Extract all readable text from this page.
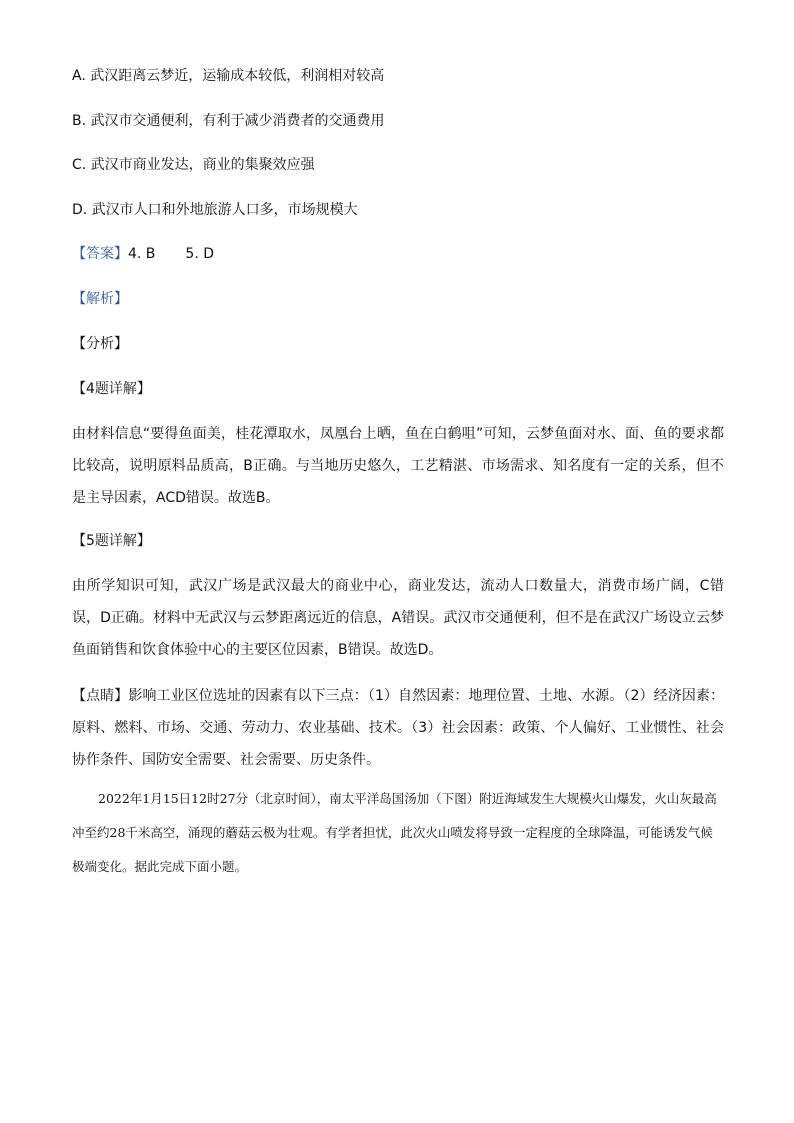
A. 武汉距离云梦近，运输成本较低，利润相对较高
B. 武汉市交通便利，有利于减少消费者的交通费用
C. 武汉市商业发达，商业的集聚效应强
D. 武汉市人口和外地旅游人口多，市场规模大
【答案】4. B 5. D
【解析】
【分析】
【4题详解】
由材料信息“要得鱼面美，桂花潭取水，凤凰台上晒，鱼在白鹤咀”可知，云梦鱼面对水、面、鱼的要求都比较高，说明原料品质高，B正确。与当地历史悠久，工艺精湛、市场需求、知名度有一定的关系，但不是主导因素，ACD错误。故选B。
【5题详解】
由所学知识可知，武汉广场是武汉最大的商业中心，商业发达，流动人口数量大，消费市场广阔，C错误，D正确。材料中无武汉与云梦距离远近的信息，A错误。武汉市交通便利，但不是在武汉广场设立云梦鱼面销售和饮食体验中心的主要区位因素，B错误。故选D。
【点睛】影响工业区位选址的因素有以下三点：（1）自然因素：地理位置、土地、水源。（2）经济因素：原料、燃料、市场、交通、劳动力、农业基础、技术。（3）社会因素：政策、个人偏好、工业惯性、社会协作条件、国防安全需要、社会需要、历史条件。
2022年1月15日12时27分（北京时间），南太平洋岛国汤加（下图）附近海域发生大规模火山爆发，火山灰最高冲至约28千米高空，涌现的蘑菇云极为壮观。有学者担忧，此次火山喷发将导致一定程度的全球降温，可能诱发气候极端变化。据此完成下面小题。
